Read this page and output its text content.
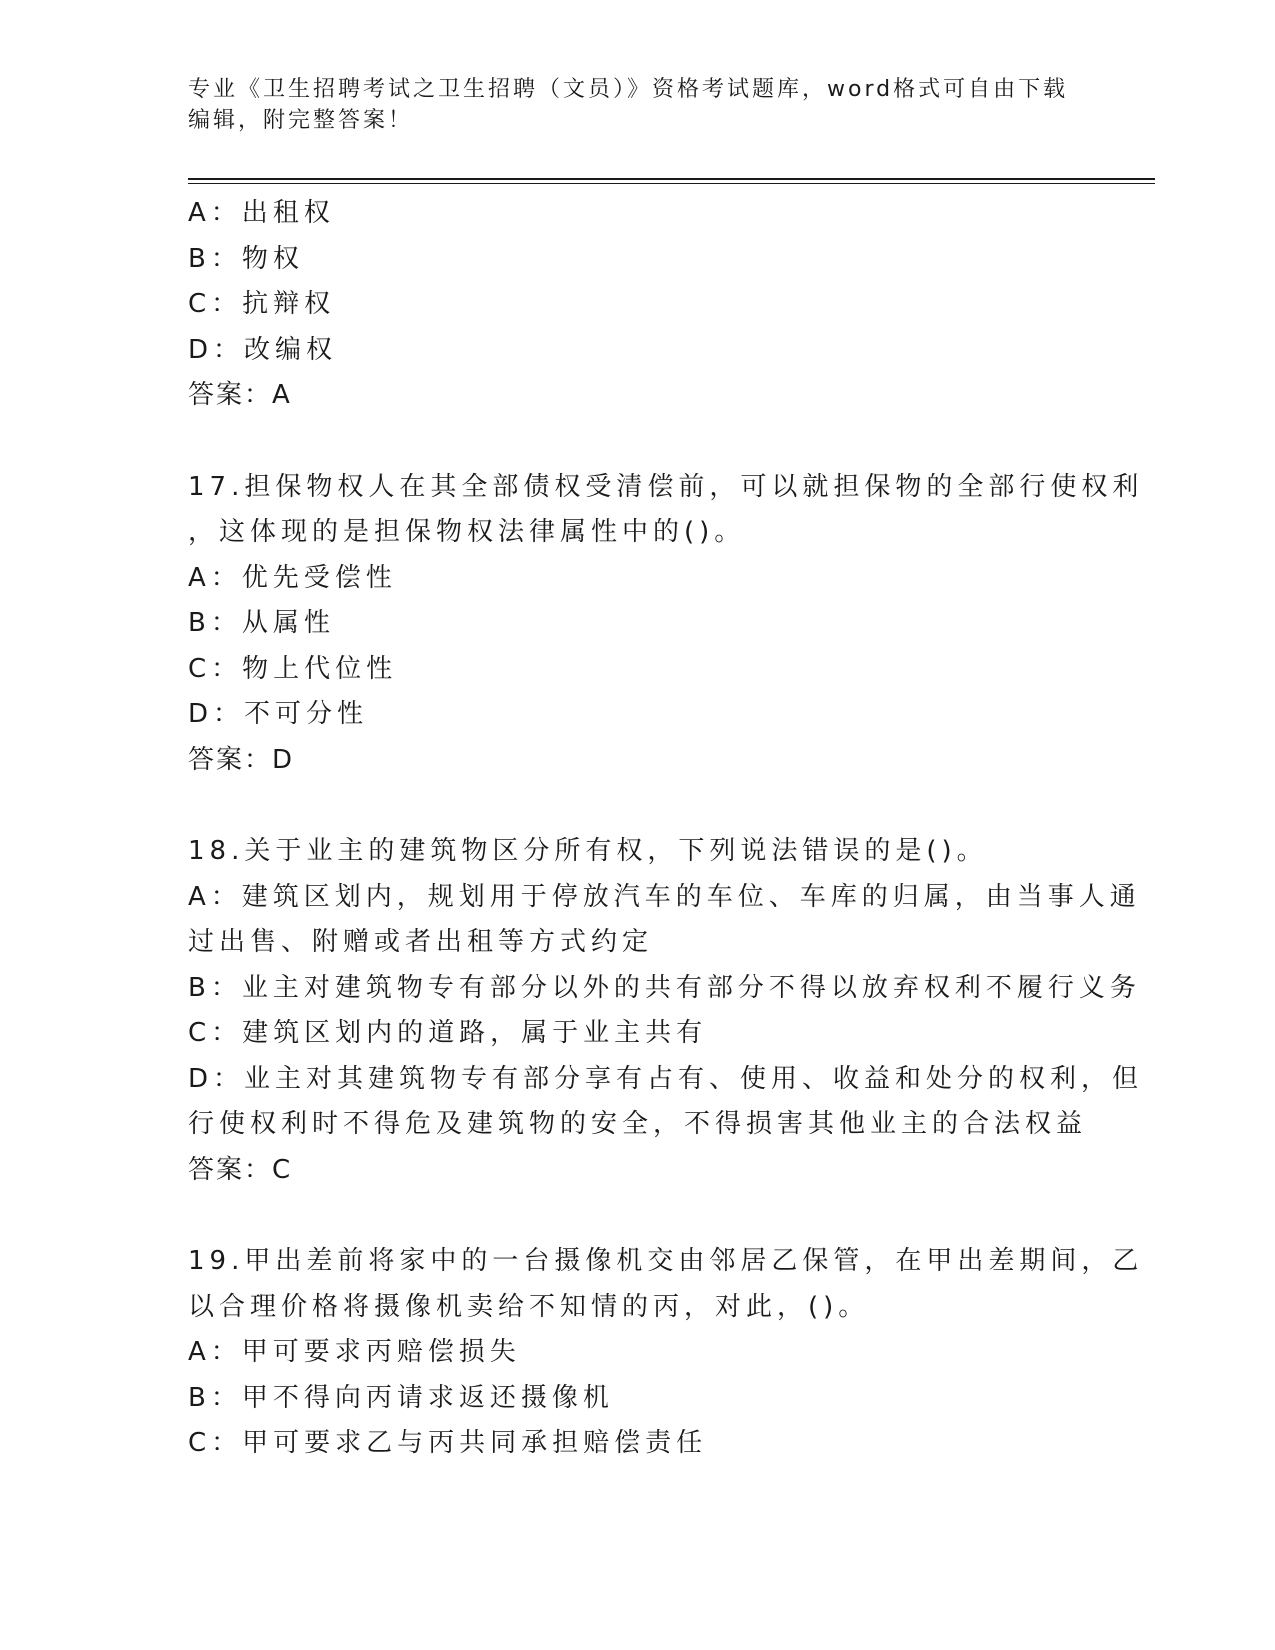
专业《卫生招聘考试之卫生招聘（文员）》资格考试题库，word格式可自由下载
编辑，附完整答案！
A：出租权
B：物权
C：抗辩权
D：改编权
答案：A
17.担保物权人在其全部债权受清偿前，可以就担保物的全部行使权利
，这体现的是担保物权法律属性中的()。
A：优先受偿性
B：从属性
C：物上代位性
D：不可分性
答案：D
18.关于业主的建筑物区分所有权，下列说法错误的是()。
A：建筑区划内，规划用于停放汽车的车位、车库的归属，由当事人通
过出售、附赠或者出租等方式约定
B：业主对建筑物专有部分以外的共有部分不得以放弃权利不履行义务
C：建筑区划内的道路，属于业主共有
D：业主对其建筑物专有部分享有占有、使用、收益和处分的权利，但
行使权利时不得危及建筑物的安全，不得损害其他业主的合法权益
答案：C
19.甲出差前将家中的一台摄像机交由邻居乙保管，在甲出差期间，乙
以合理价格将摄像机卖给不知情的丙，对此，()。
A：甲可要求丙赔偿损失
B：甲不得向丙请求返还摄像机
C：甲可要求乙与丙共同承担赔偿责任
